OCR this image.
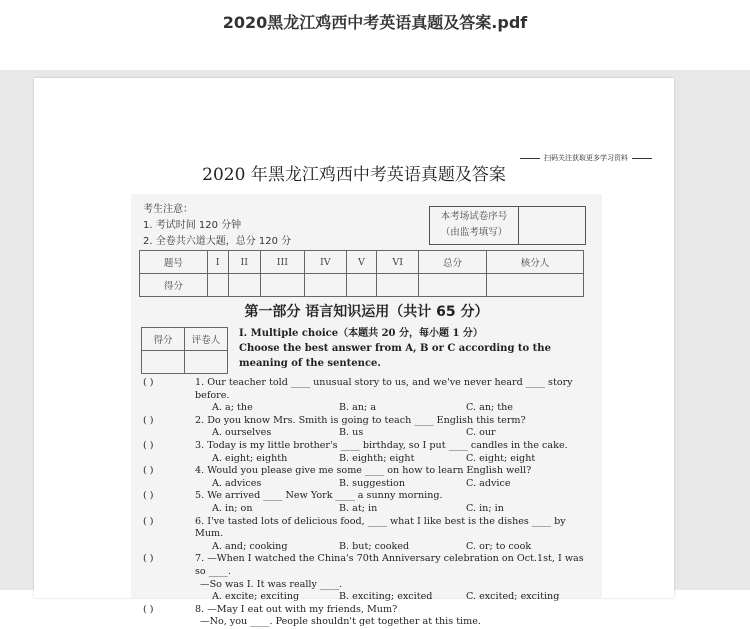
2020黑龙江鸡西中考英语真题及答案.pdf
扫码关注获取更多学习资料
2020 年黑龙江鸡西中考英语真题及答案
考生注意：
1. 考试时间 120 分钟
2. 全卷共六道大题，总分 120 分
本考场试卷序号
（由监考填写）
题号	I	II	III	IV	V	VI	总分	核分人
得分								
第一部分 语言知识运用（共计 65 分）
得分	评卷人

I. Multiple choice（本题共 20 分，每小题 1 分）
Choose the best answer from A, B or C according to the meaning of the sentence.
( )	1. Our teacher told ____ unusual story to us, and we've never heard ____ story before.
A. a; the	B. an; a	C. an; the
( )	2. Do you know Mrs. Smith is going to teach ____ English this term?
A. ourselves	B. us	C. our
( )	3. Today is my little brother's ____ birthday, so I put ____ candles in the cake.
A. eight; eighth	B. eighth; eight	C. eight; eight
( )	4. Would you please give me some ____ on how to learn English well?
A. advices	B. suggestion	C. advice
( )	5. We arrived ____ New York ____ a sunny morning.
A. in; on	B. at; in	C. in; in
( )	6. I've tasted lots of delicious food, ____ what I like best is the dishes ____ by Mum.
A. and; cooking	B. but; cooked	C. or; to cook
( )	7. —When I watched the China's 70th Anniversary celebration on Oct.1st, I was so ____.
—So was I. It was really ____.
A. excite; exciting	B. exciting; excited	C. excited; exciting
( )	8. —May I eat out with my friends, Mum?
—No, you ____. People shouldn't get together at this time.
